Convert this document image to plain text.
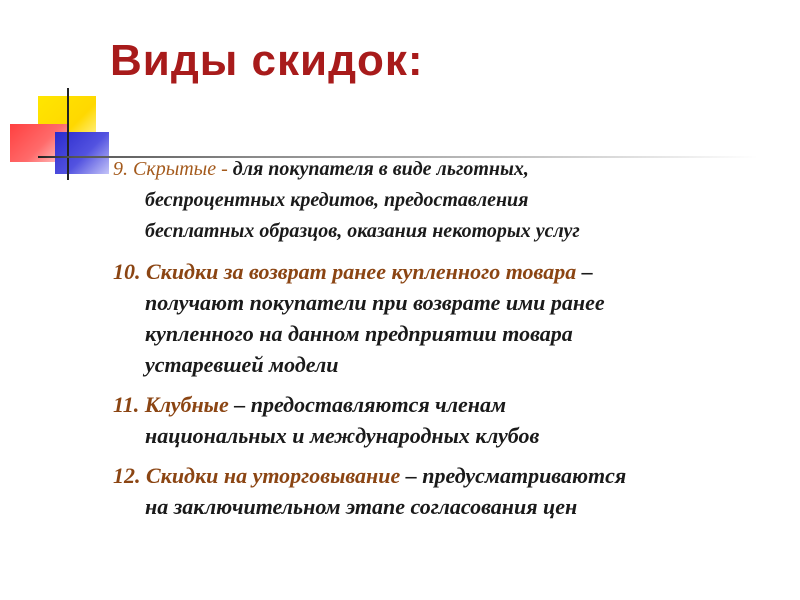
Виды скидок:
9. Скрытые - для покупателя в виде льготных,
беспроцентных кредитов, предоставления
бесплатных образцов, оказания некоторых услуг
10. Скидки за возврат ранее купленного товара –
получают покупатели при возврате ими ранее
купленного на данном предприятии товара
устаревшей модели
11. Клубные – предоставляются членам
национальных и международных клубов
12. Скидки на уторговывание – предусматриваются
на заключительном этапе согласования цен
